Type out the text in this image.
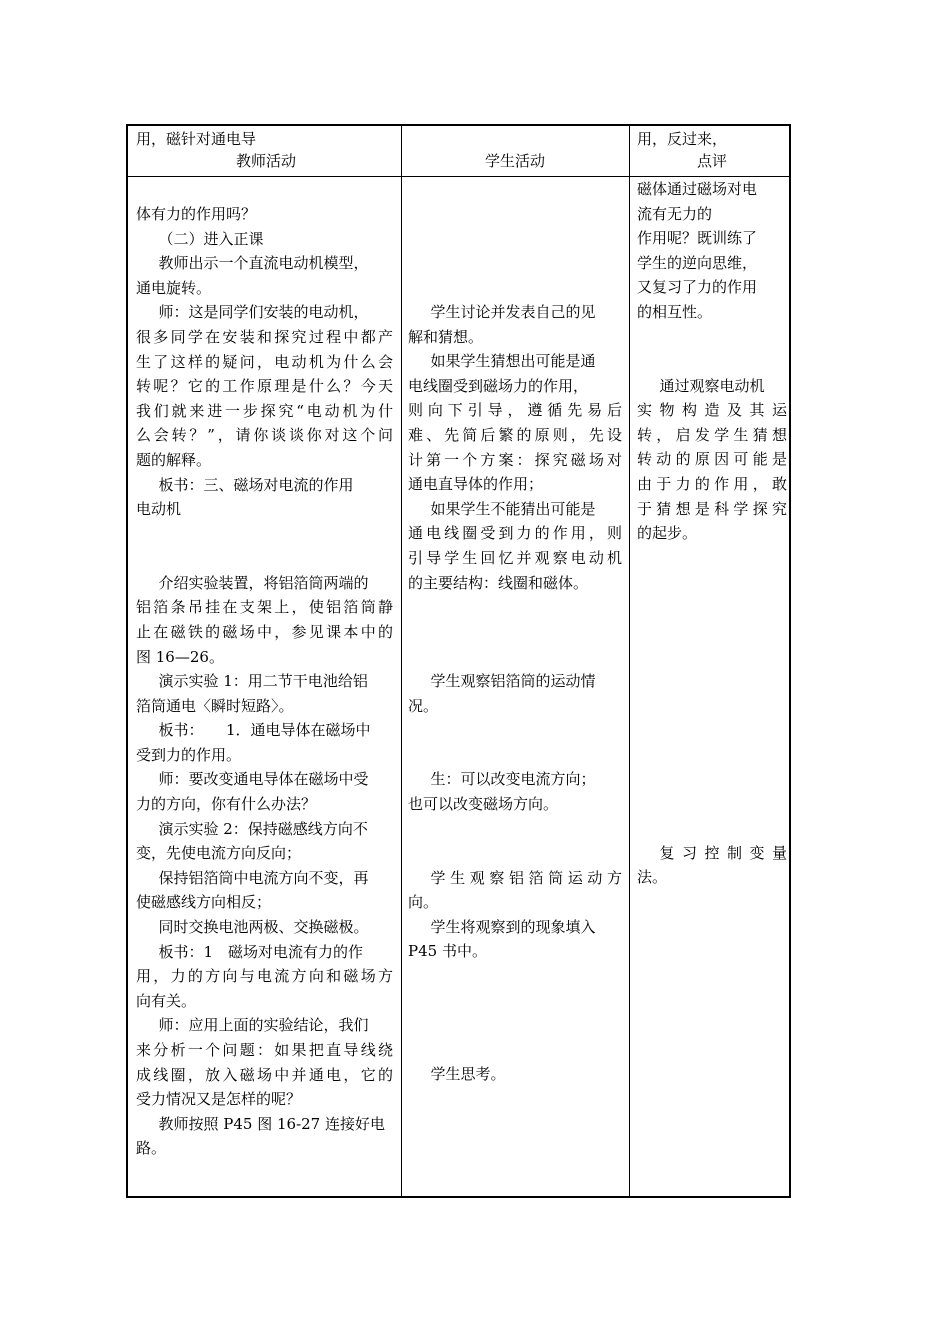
用，磁针对通电导
教师活动	学生活动
用，反过来，
点评

体有力的作用吗？

（二）进入正课

教师出示一个直流电动机模型，

通电旋转。

师：这是同学们安装的电动机，

很多同学在安装和探究过程中都产

生了这样的疑问，电动机为什么会

转呢？它的工作原理是什么？今天

我们就来进一步探究“电动机为什

么会转？”，请你谈谈你对这个问

题的解释。

板书：三、磁场对电流的作用

电动机

介绍实验装置，将铝箔筒两端的

铝箔条吊挂在支架上，使铝箔筒静

止在磁铁的磁场中，参见课本中的

图 16—26。

演示实验 1：用二节干电池给铝

箔筒通电〈瞬时短路〉。

板书：　　1．通电导体在磁场中

受到力的作用。

师：要改变通电导体在磁场中受

力的方向，你有什么办法？

演示实验 2：保持磁感线方向不

变，先使电流方向反向；

保持铝箔筒中电流方向不变，再

使磁感线方向相反；

同时交换电池两极、交换磁极。

板书：1　磁场对电流有力的作

用，力的方向与电流方向和磁场方

向有关。

师：应用上面的实验结论，我们

来分析一个问题：如果把直导线绕

成线圈，放入磁场中并通电，它的

受力情况又是怎样的呢？

教师按照 P45 图 16-27 连接好电

路。

学生讨论并发表自己的见

解和猜想。

如果学生猜想出可能是通

电线圈受到磁场力的作用，

则向下引导，遵循先易后

难、先简后繁的原则，先设

计第一个方案：探究磁场对

通电直导体的作用；

如果学生不能猜出可能是

通电线圈受到力的作用，则

引导学生回忆并观察电动机

的主要结构：线圈和磁体。

学生观察铝箔筒的运动情

况。

生：可以改变电流方向；

也可以改变磁场方向。

学生观察铝箔筒运动方

向。

学生将观察到的现象填入

P45 书中。

学生思考。

磁体通过磁场对电

流有无力的

作用呢？既训练了

学生的逆向思维，

又复习了力的作用

的相互性。

通过观察电动机

实物构造及其运

转，启发学生猜想

转动的原因可能是

由于力的作用，敢

于猜想是科学探究

的起步。

复习控制变量

法。
